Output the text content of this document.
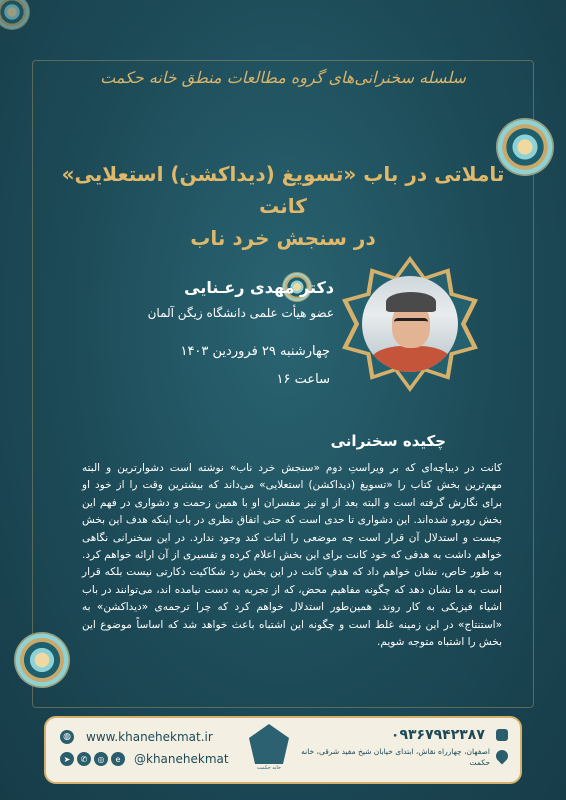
سلسله سخنرانی‌های گروه مطالعات منطق خانه حکمت
تاملاتی در باب «تسویغ (دیداکشن) استعلایی» کانت
در سنجش خرد ناب
دکتر مهدی رعـنایی
عضو هیأت علمی دانشگاه زیگن آلمان
چهارشنبه ۲۹ فروردین ۱۴۰۳
ساعت ۱۶
چکیده سخنرانی
کانت در دیباچه‌ای که بر ویراستِ دوم «سنجش خرد ناب» نوشته است دشوارترین و البته مهم‌ترین بخش کتاب را «تسویغ (دیداکشن) استعلایی» می‌داند که بیشترین وقت را از خود او برای نگارش گرفته است و البته بعد از او نیز مفسران او با همین زحمت و دشواری در فهم این بخش روبرو شده‌اند. این دشواری تا حدی است که حتی اتفاق نظری در باب اینکه هدف این بخش چیست و استدلال آن قرار است چه موضعی را اثبات کند وجود ندارد. در این سخنرانی نگاهی خواهم داشت به هدفی که خود کانت برای این بخش اعلام کرده و تفسیری از آن ارائه خواهم کرد. به طور خاص، نشان خواهم داد که هدفِ کانت در این بخش رد شکاکیت دکارتی نیست بلکه قرار است به ما نشان دهد که چگونه مفاهیم محض، که از تجربه به دست نیامده اند، می‌توانند در باب اشیاء فیزیکی به کار روند. همین‌طور استدلال خواهم کرد که چرا ترجمه‌ی «دیداکشن» به «استنتاج» در این زمینه غلط است و چگونه این اشتباه باعث خواهد شد که اساساً موضوع این بخش را اشتباه متوجه شویم.
◍ www.khanehekmat.ir
➤	✆	◎	e	@khanehekmat
خانه حکمت
۰۹۳۶۷۹۴۲۳۸۷
اصفهان، چهارراه نقاش، ابتدای خیابان شیخ مفید شرقی، خانه حکمت
